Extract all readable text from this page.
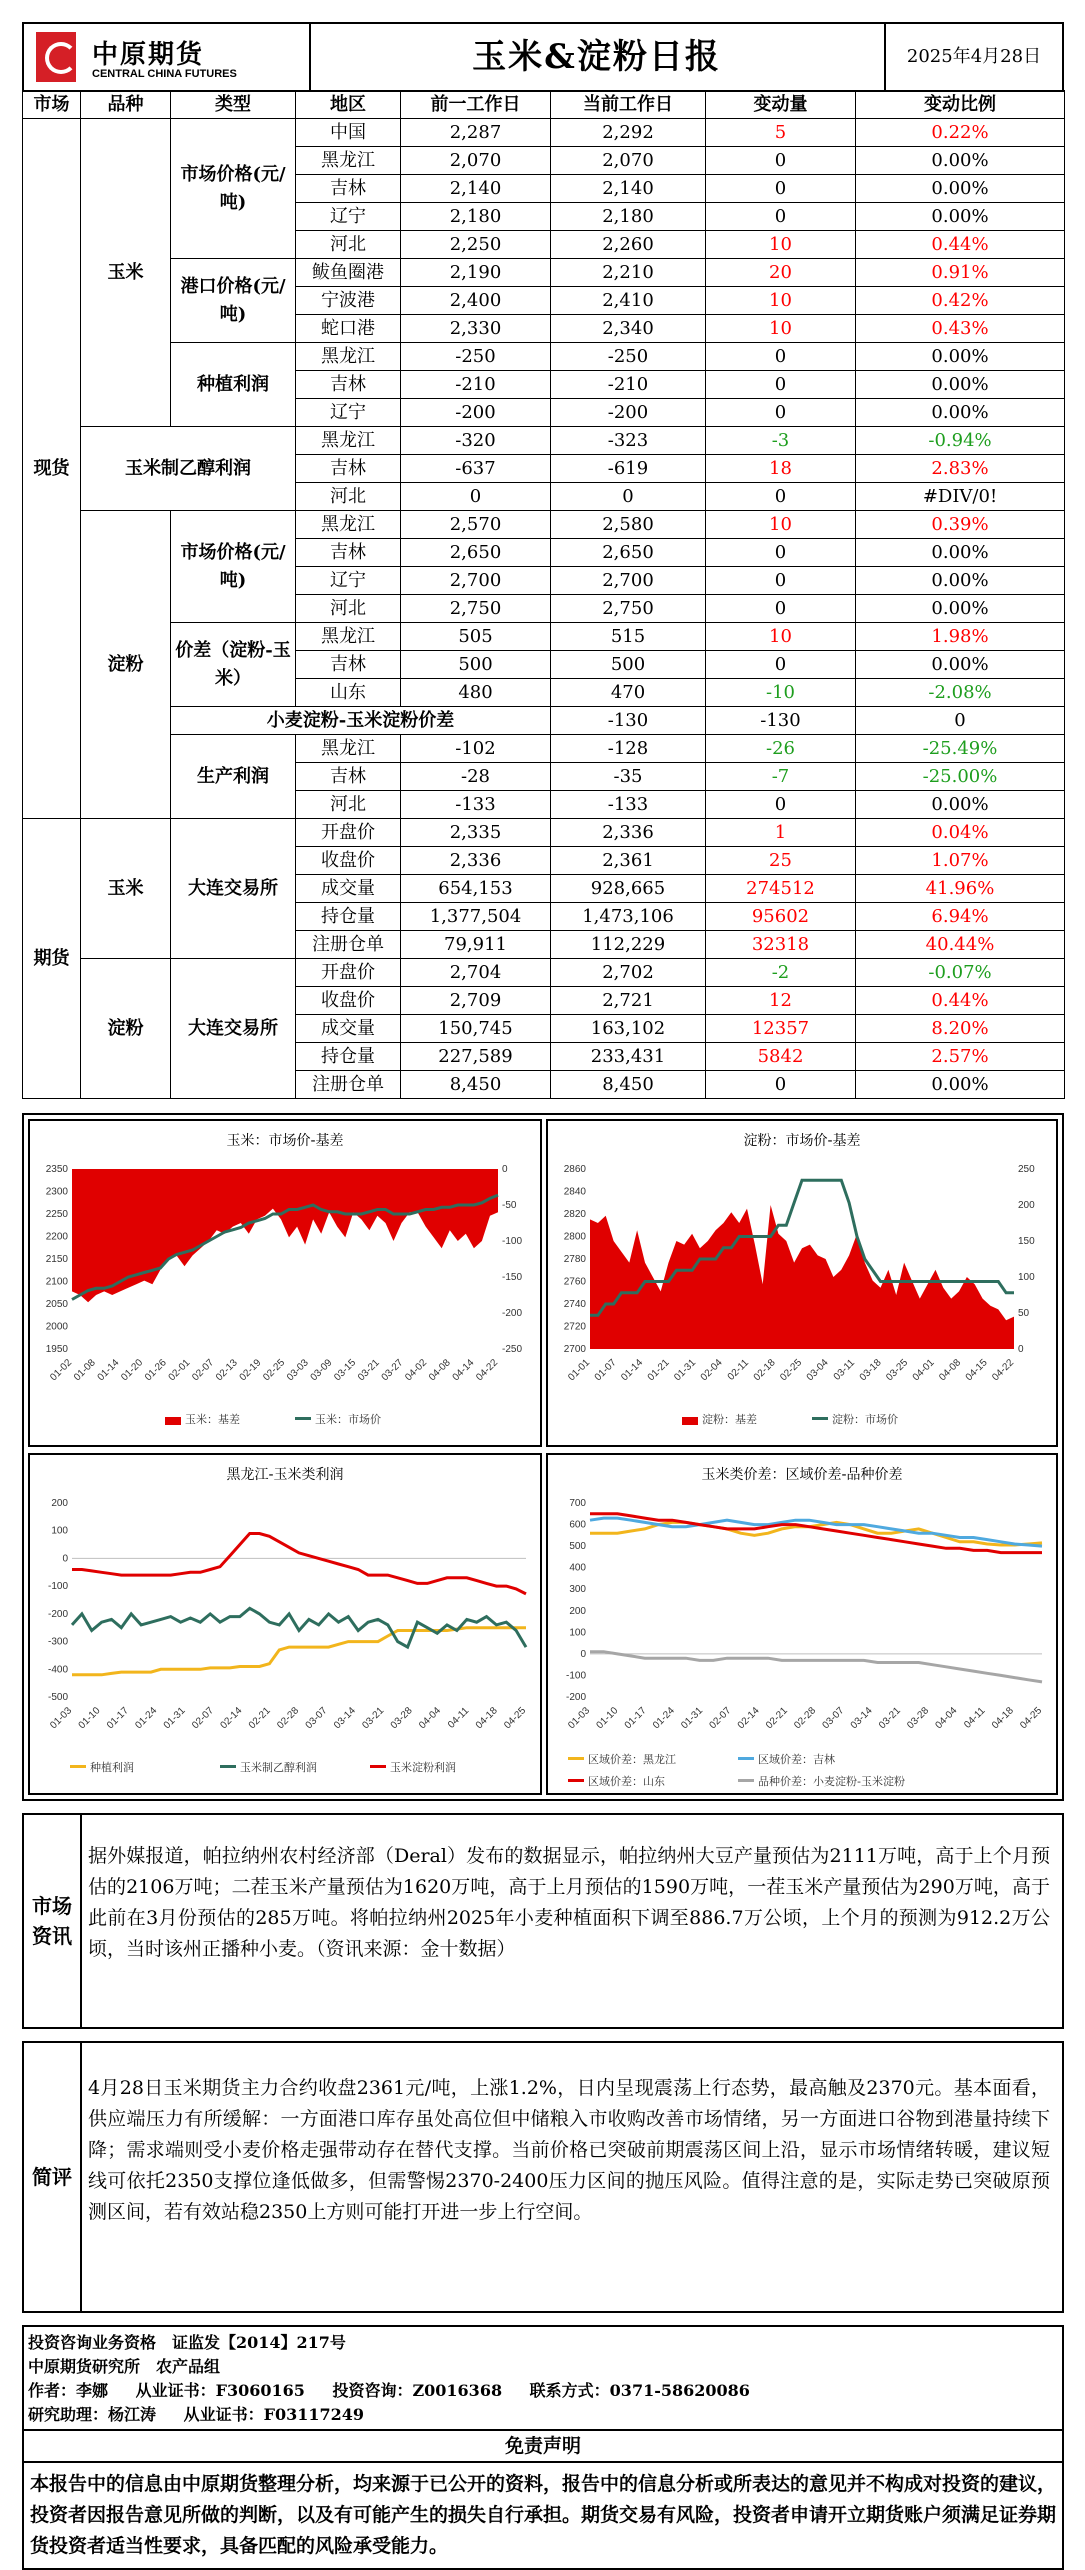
中原期货
CENTRAL CHINA FUTURES	玉米&淀粉日报	2025年4月28日
市场	品种	类型	地区	前一工作日	当前工作日	变动量	变动比例	
现货	玉米	市场价格(元/吨)	中国	2,287	2,292	5	0.22%	
			黑龙江	2,070	2,070	0	0.00%	
			吉林	2,140	2,140	0	0.00%	
			辽宁	2,180	2,180	0	0.00%	
			河北	2,250	2,260	10	0.44%	
		港口价格(元/吨)	鲅鱼圈港	2,190	2,210	20	0.91%	
			宁波港	2,400	2,410	10	0.42%	
			蛇口港	2,330	2,340	10	0.43%	
		种植利润	黑龙江	-250	-250	0	0.00%	
			吉林	-210	-210	0	0.00%	
			辽宁	-200	-200	0	0.00%	
	玉米制乙醇利润		黑龙江	-320	-323	-3	-0.94%	
			吉林	-637	-619	18	2.83%	
			河北	0	0	0	#DIV/0!	
	淀粉	市场价格(元/吨)	黑龙江	2,570	2,580	10	0.39%	
			吉林	2,650	2,650	0	0.00%	
			辽宁	2,700	2,700	0	0.00%	
			河北	2,750	2,750	0	0.00%	
		价差（淀粉-玉米）	黑龙江	505	515	10	1.98%	
			吉林	500	500	0	0.00%	
			山东	480	470	-10	-2.08%	
		小麦淀粉-玉米淀粉价差			-130	-130	0	
		生产利润	黑龙江	-102	-128	-26	-25.49%	
			吉林	-28	-35	-7	-25.00%	
			河北	-133	-133	0	0.00%	
期货	玉米	大连交易所	开盘价	2,335	2,336	1	0.04%	
			收盘价	2,336	2,361	25	1.07%	
			成交量	654,153	928,665	274512	41.96%	
			持仓量	1,377,504	1,473,106	95602	6.94%	
			注册仓单	79,911	112,229	32318	40.44%	
	淀粉	大连交易所	开盘价	2,704	2,702	-2	-0.07%	
			收盘价	2,709	2,721	12	0.44%	
			成交量	150,745	163,102	12357	8.20%	
			持仓量	227,589	233,431	5842	2.57%	
			注册仓单	8,450	8,450	0	0.00%	
玉米：市场价-基差
1950
2000
2050
2100
2150
2200
2250
2300
2350	0
-50
-100
-150
-200
-250
01-02
01-08
01-14
01-20
01-26
02-01
02-07
02-13
02-19
02-25
03-03
03-09
03-15
03-21
03-27
04-02
04-08
04-14
04-22
玉米：基差	玉米：市场价
淀粉：市场价-基差
2700
2720
2740
2760
2780
2800
2820
2840
2860
0
50
100
150
200
250
01-01 01-07 01-14 01-21 01-31 02-04 02-11 02-18 02-25 03-04 03-11 03-18 03-25 04-01 04-08 04-15 04-22
淀粉：基差	淀粉：市场价
黑龙江-玉米类利润
200
100
0
-100
-200
-300
-400
-500
01-03 01-10 01-17 01-24 01-31 02-07 02-14 02-21 02-28 03-07 03-14 03-21 03-28 04-04 04-11 04-18 04-25
种植利润	玉米制乙醇利润	玉米淀粉利润
玉米类价差：区域价差-品种价差
700
600
500
400
300
200
100
0
-100
-200
01-03 01-10 01-17 01-24 01-31 02-07 02-14 02-21 02-28 03-07 03-14 03-21 03-28 04-04 04-11 04-18 04-25
区域价差：黑龙江	区域价差：吉林
区域价差：山东	品种价差：小麦淀粉-玉米淀粉
市场资讯
据外媒报道，帕拉纳州农村经济部（Deral）发布的数据显示，帕拉纳州大豆产量预估为2111万吨，高于上个月预估的2106万吨；二茬玉米产量预估为1620万吨，高于上月预估的1590万吨，一茬玉米产量预估为290万吨，高于此前在3月份预估的285万吨。将帕拉纳州2025年小麦种植面积下调至886.7万公顷，上个月的预测为912.2万公顷，当时该州正播种小麦。（资讯来源：金十数据）
简评
4月28日玉米期货主力合约收盘2361元/吨，上涨1.2%，日内呈现震荡上行态势，最高触及2370元。基本面看，供应端压力有所缓解：一方面港口库存虽处高位但中储粮入市收购改善市场情绪，另一方面进口谷物到港量持续下降；需求端则受小麦价格走强带动存在替代支撑。当前价格已突破前期震荡区间上沿，显示市场情绪转暖，建议短线可依托2350支撑位逢低做多，但需警惕2370-2400压力区间的抛压风险。值得注意的是，实际走势已突破原预测区间，若有效站稳2350上方则可能打开进一步上行空间。
投资咨询业务资格　证监发【2014】217号
中原期货研究所　农产品组
作者：李娜 从业证书：F3060165 投资咨询：Z0016368 联系方式：0371-58620086
研究助理：杨江涛 从业证书：F03117249
免责声明
本报告中的信息由中原期货整理分析，均来源于已公开的资料，报告中的信息分析或所表达的意见并不构成对投资的建议，投资者因报告意见所做的判断，以及有可能产生的损失自行承担。期货交易有风险，投资者申请开立期货账户须满足证券期货投资者适当性要求，具备匹配的风险承受能力。
